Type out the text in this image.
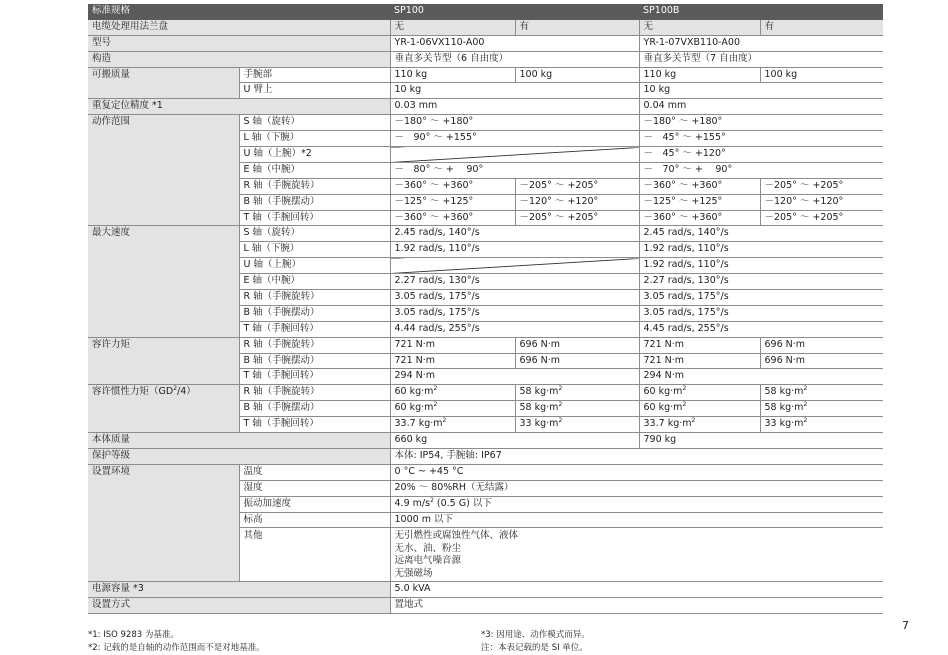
标准规格		SP100		SP100B	
电缆处理用法兰盘		无	有	无	有
型号		YR-1-06VX110-A00		YR-1-07VXB110-A00	
构造		垂直多关节型（6 自由度）		垂直多关节型（7 自由度）	
可搬质量	手腕部	110 kg	100 kg	110 kg	100 kg
	U 臂上	10 kg		10 kg	
重复定位精度 *1		0.03 mm		0.04 mm	
动作范围	S 轴（旋转）	－180° ～ +180°		－180° ～ +180°	
	L 轴（下腕）	－　90° ～ +155°		－　45° ～ +155°	
	U 轴（上腕）*2			－　45° ～ +120°	
	E 轴（中腕）	－　80° ～ + 　90°		－　70° ～ + 　90°	
	R 轴（手腕旋转）	－360° ～ +360°	－205° ～ +205°	－360° ～ +360°	－205° ～ +205°
	B 轴（手腕摆动）	－125° ～ +125°	－120° ～ +120°	－125° ～ +125°	－120° ～ +120°
	T 轴（手腕回转）	－360° ～ +360°	－205° ～ +205°	－360° ～ +360°	－205° ～ +205°
最大速度	S 轴（旋转）	2.45 rad/s, 140°/s		2.45 rad/s, 140°/s	
	L 轴（下腕）	1.92 rad/s, 110°/s		1.92 rad/s, 110°/s	
	U 轴（上腕）			1.92 rad/s, 110°/s	
	E 轴（中腕）	2.27 rad/s, 130°/s		2.27 rad/s, 130°/s	
	R 轴（手腕旋转）	3.05 rad/s, 175°/s		3.05 rad/s, 175°/s	
	B 轴（手腕摆动）	3.05 rad/s, 175°/s		3.05 rad/s, 175°/s	
	T 轴（手腕回转）	4.44 rad/s, 255°/s		4.45 rad/s, 255°/s	
容许力矩	R 轴（手腕旋转）	721 N·m	696 N·m	721 N·m	696 N·m
	B 轴（手腕摆动）	721 N·m	696 N·m	721 N·m	696 N·m
	T 轴（手腕回转）	294 N·m		294 N·m	
容许惯性力矩$(GD^2/4)$	R 轴（手腕旋转）	60 $kg\cdot m^2$	58 $kg\cdot m^2$	60 $kg\cdot m^2$	58 $kg\cdot m^2$
	B 轴（手腕摆动）	60 $kg\cdot m^2$	58 $kg\cdot m^2$	60 $kg\cdot m^2$	58 $kg\cdot m^2$
	T 轴（手腕回转）	33.7 $kg\cdot m^2$	33 $kg\cdot m^2$	33.7 $kg\cdot m^2$	33 $kg\cdot m^2$
本体质量		660 kg		790 kg	
保护等级		本体: IP54, 手腕轴: IP67			
设置环境	温度	0 °C ~ +45 °C			
	湿度	20% ～ 80%RH（无结露）			
	振动加速度	4.9 $m/s^2$ (0.5 G) 以下			
	标高	1000 m 以下			
	其他	无引燃性或腐蚀性气体、液体
无水、油、粉尘
远离电气噪音源
无强磁场			

电源容量 *3		5.0 kVA			
设置方式		置地式			
*1: ISO 9283 为基准。
*2: 记载的是自轴的动作范围而不是对地基准。
*3: 因用途、动作模式而异。
注：本表记载的是 SI 单位。
7
